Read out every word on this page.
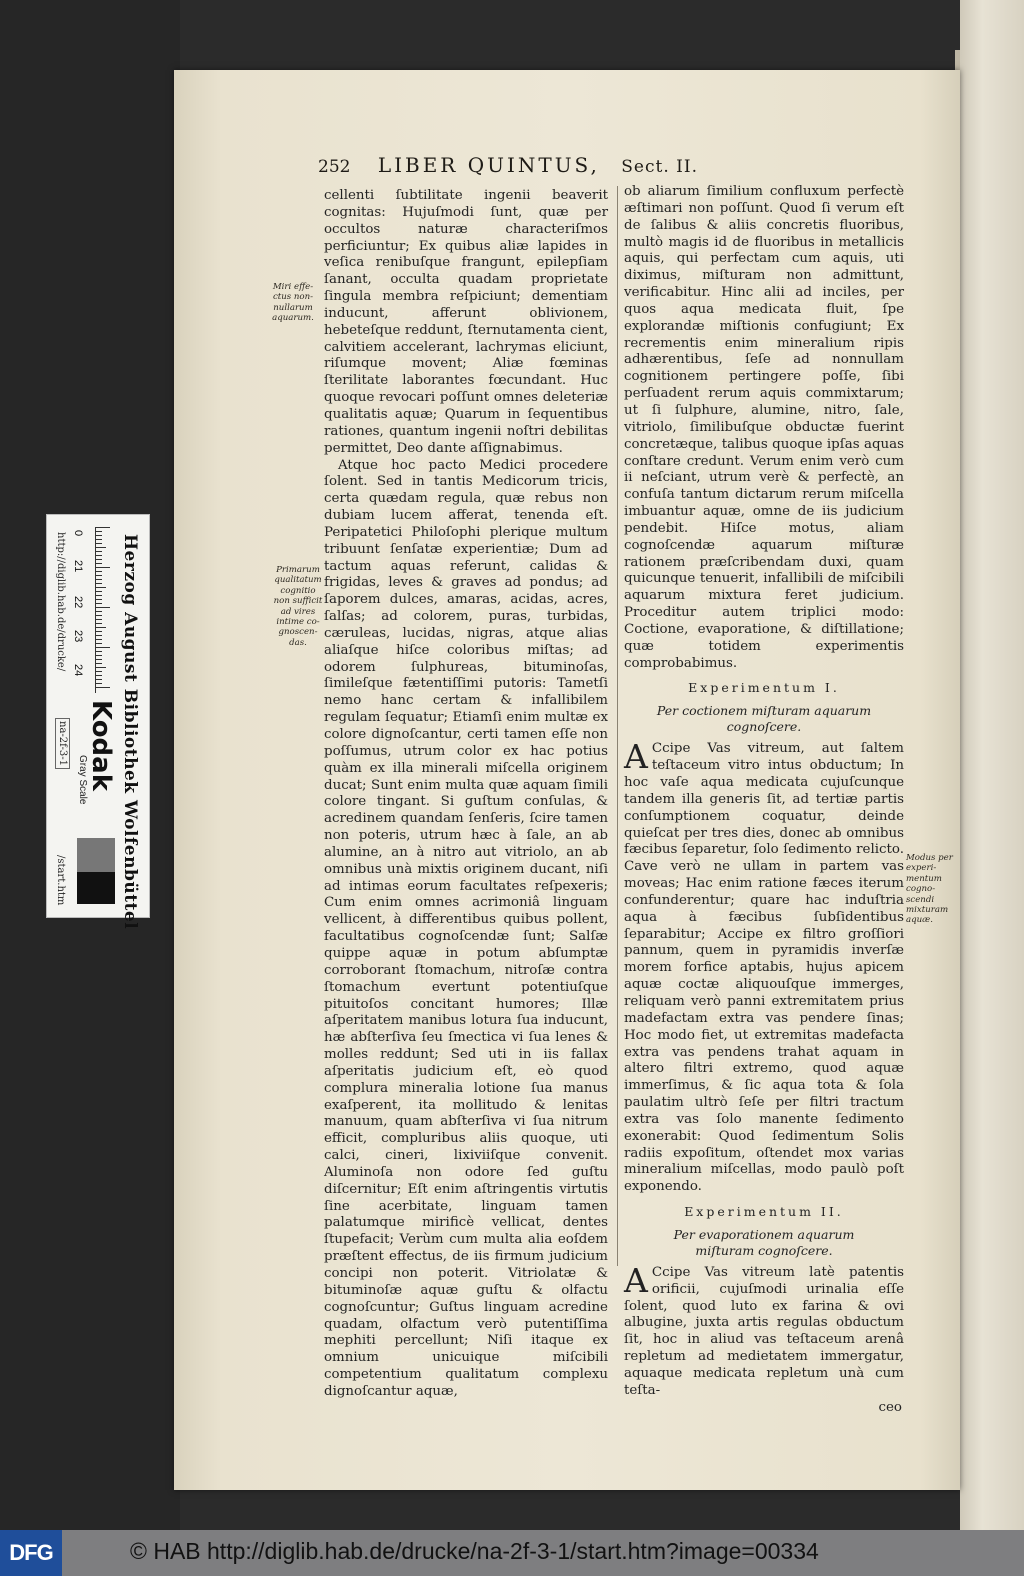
252 LIBER QUINTUS, Sect. II.
Miri effe-ctus non-nullarum aquarum.
Primarum qualitatum cognitio non sufficit ad vires intime co-gnoscen-das.
Modus per experi-mentum cogno-scendi mixturam aquæ.

cellenti ſubtilitate ingenii beaverit cognitas: Hujuſmodi ſunt, quæ per occultos naturæ characteriſmos perficiuntur; Ex quibus aliæ lapides in veſica renibuſque frangunt, epilepſiam ſanant, occulta quadam proprietate ſingula membra reſpiciunt; dementiam inducunt, afferunt oblivionem, hebeteſque reddunt, ſternutamenta cient, calvitiem accelerant, lachrymas eliciunt, riſumque movent; Aliæ fœminas ſterilitate laborantes fœcundant. Huc quoque revocari poſſunt omnes deleteriæ qualitatis aquæ; Quarum in ſequentibus rationes, quantum ingenii noſtri debilitas permittet, Deo dante aſſignabimus.

Atque hoc pacto Medici procedere ſolent. Sed in tantis Medicorum tricis, certa quædam regula, quæ rebus non dubiam lucem afferat, tenenda eſt. Peripatetici Philoſophi plerique multum tribuunt ſenſatæ experientiæ; Dum ad tactum aquas referunt, calidas & frigidas, leves & graves ad pondus; ad ſaporem dulces, amaras, acidas, acres, ſalſas; ad colorem, puras, turbidas, cæruleas, lucidas, nigras, atque alias aliaſque hiſce coloribus miſtas; ad odorem ſulphureas, bituminoſas, ſimileſque fætentiſſimi putoris: Tametſi nemo hanc certam & infallibilem regulam ſequatur; Etiamſi enim multæ ex colore dignoſcantur, certi tamen eſſe non poſſumus, utrum color ex hac potius quàm ex illa minerali miſcella originem ducat; Sunt enim multa quæ aquam ſimili colore tingant. Si guſtum conſulas, & acredinem quandam ſenſeris, ſcire tamen non poteris, utrum hæc à ſale, an ab alumine, an à nitro aut vitriolo, an ab omnibus unà mixtis originem ducant, niſi ad intimas eorum facultates reſpexeris; Cum enim omnes acrimoniâ linguam vellicent, à differentibus quibus pollent, facultatibus cognoſcendæ ſunt; Salſæ quippe aquæ in potum abſumptæ corroborant ſtomachum, nitroſæ contra ſtomachum evertunt potentiuſque pituitoſos concitant humores; Illæ aſperitatem manibus lotura ſua inducunt, hæ abſterſiva ſeu ſmectica vi ſua lenes & molles reddunt; Sed uti in iis fallax aſperitatis judicium eſt, eò quod complura mineralia lotione ſua manus exaſperent, ita mollitudo & lenitas manuum, quam abſterſiva vi ſua nitrum efficit, compluribus aliis quoque, uti calci, cineri, lixiviiſque convenit. Aluminoſa non odore ſed guſtu diſcernitur; Eſt enim aſtringentis virtutis ſine acerbitate, linguam tamen palatumque mirificè vellicat, dentes ſtupefacit; Verùm cum multa alia eoſdem præſtent effectus, de iis firmum judicium concipi non poterit. Vitriolatæ & bituminoſæ aquæ guſtu & olfactu cognoſcuntur; Guſtus linguam acredine quadam, olfactum verò putentiſſima mephiti percellunt; Niſi itaque ex omnium unicuique miſcibili competentium qualitatum complexu dignoſcantur aquæ,

ob aliarum ſimilium confluxum perfectè æſtimari non poſſunt. Quod ſi verum eſt de ſalibus & aliis concretis fluoribus, multò magis id de fluoribus in metallicis aquis, qui perfectam cum aquis, uti diximus, miſturam non admittunt, verificabitur. Hinc alii ad inciles, per quos aqua medicata fluit, ſpe explorandæ miſtionis confugiunt; Ex recrementis enim mineralium ripis adhærentibus, ſeſe ad nonnullam cognitionem pertingere poſſe, ſibi perſuadent rerum aquis commixtarum; ut ſi ſulphure, alumine, nitro, ſale, vitriolo, ſimilibuſque obductæ fuerint concretæque, talibus quoque ipſas aquas conſtare credunt. Verum enim verò cum ii neſciant, utrum verè & perfectè, an confuſa tantum dictarum rerum miſcella imbuantur aquæ, omne de iis judicium pendebit. Hiſce motus, aliam cognoſcendæ aquarum miſturæ rationem præſcribendam duxi, quam quicunque tenuerit, infallibili de miſcibili aquarum mixtura feret judicium. Proceditur autem triplici modo: Coctione, evaporatione, & diſtillatione; quæ totidem experimentis comprobabimus.

Experimentum I.
Per coctionem miſturam aquarum cognoſcere.

A Ccipe Vas vitreum, aut ſaltem teſtaceum vitro intus obductum; In hoc vaſe aqua medicata cujuſcunque tandem illa generis ſit, ad tertiæ partis conſumptionem coquatur, deinde quieſcat per tres dies, donec ab omnibus fæcibus ſeparetur, ſolo ſedimento relicto. Cave verò ne ullam in partem vas moveas; Hac enim ratione fæces iterum confunderentur; quare hac induſtria aqua à fæcibus ſubſidentibus ſeparabitur; Accipe ex filtro groſſiori pannum, quem in pyramidis inverſæ morem forfice aptabis, hujus apicem aquæ coctæ aliquouſque immerges, reliquam verò panni extremitatem prius madefactam extra vas pendere ſinas; Hoc modo fiet, ut extremitas madefacta extra vas pendens trahat aquam in altero filtri extremo, quod aquæ immerſimus, & ſic aqua tota & ſola paulatim ultrò ſeſe per filtri tractum extra vas ſolo manente ſedimento exonerabit: Quod ſedimentum Solis radiis expoſitum, oſtendet mox varias mineralium miſcellas, modo paulò poſt exponendo.

Experimentum II.
Per evaporationem aquarum miſturam cognoſcere.

A Ccipe Vas vitreum latè patentis orificii, cujuſmodi urinalia eſſe ſolent, quod luto ex farina & ovi albugine, juxta artis regulas obductum ſit, hoc in aliud vas teſtaceum arenâ repletum ad medietatem immergatur, aquaque medicata repletum unà cum teſta-

ceo

0
21
22
23
24 Herzog August Bibliothek Wolfenbüttel
Kodak
Gray Scale
http://diglib.hab.de/drucke/
na-2f-3-1
/start.htm
DFG	© HAB http://diglib.hab.de/drucke/na-2f-3-1/start.htm?image=00334
